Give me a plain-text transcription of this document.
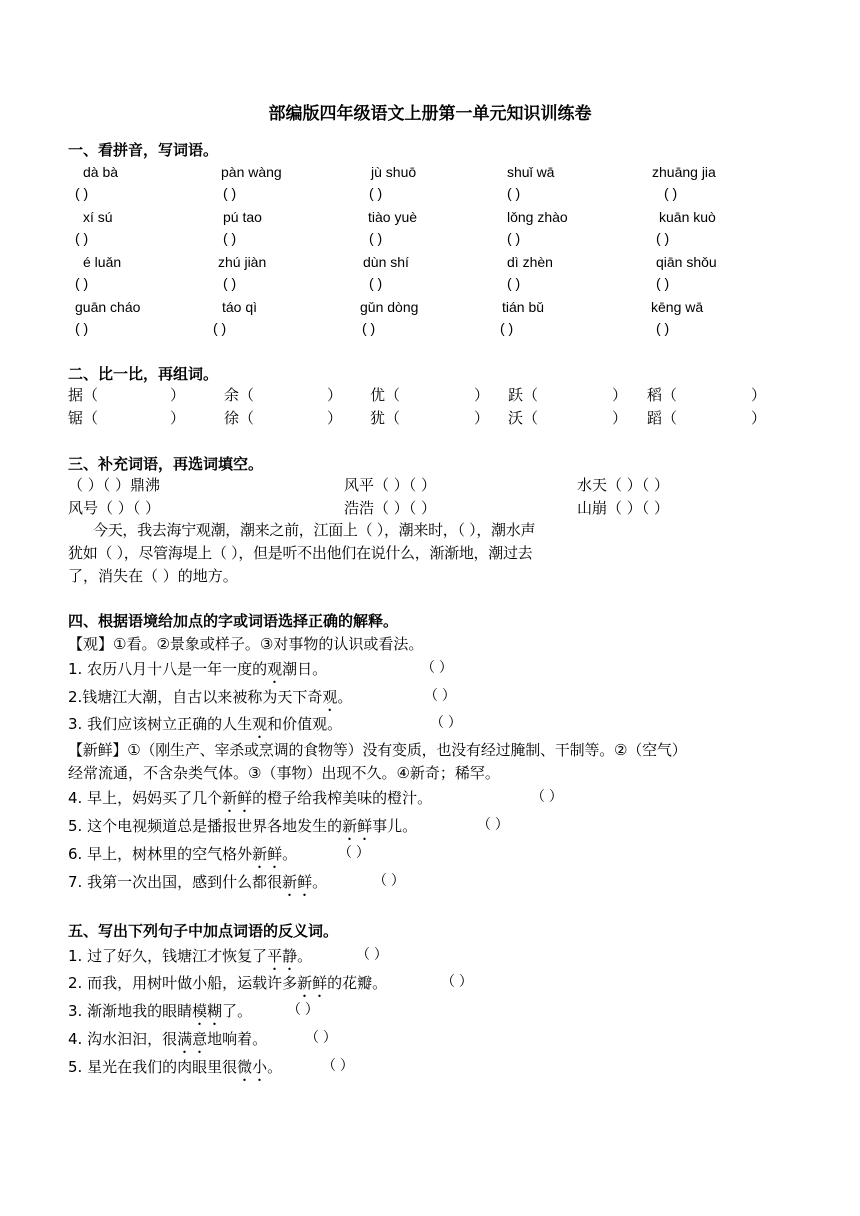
部编版四年级语文上册第一单元知识训练卷
一、看拼音，写词语。
dà bà	pàn wàng	jù shuō	shuǐ wā	zhuāng jia
( )	( )	( )	( )	( )
xí sú	pú tao	tiào yuè	lǒng zhào	kuān kuò
( )	( )	( )	( )	( )
é luǎn	zhú jiàn	dùn shí	dì zhèn	qiān shǒu
( )	( )	( )	( )	( )
guān cháo	táo qì	gǔn dòng	tián bǔ	kēng wā
( )	( )	( )	( )	( )
二、比一比，再组词。
据（	）	余（	） 优（	） 跃（	） 稻（	）
锯（	）	徐（	） 犹（	） 沃（	） 蹈（	）
三、补充词语，再选词填空。
（ ）（ ）鼎沸	风平（ ）（ ）	水天（ ）（ ）
风号（ ）（ ）	浩浩（ ）（ ）	山崩（ ）（ ）
今天，我去海宁观潮，潮来之前，江面上（ ），潮来时，（ ），潮水声
犹如（ ），尽管海堤上（ ），但是听不出他们在说什么，渐渐地，潮过去
了，消失在（ ）的地方。
四、根据语境给加点的字或词语选择正确的解释。
【观】①看。②景象或样子。③对事物的认识或看法。
1. 农历八月十八是一年一度的观潮日。	（ ）
2.钱塘江大潮，自古以来被称为天下奇观。	（ ）
3. 我们应该树立正确的人生观和价值观。	（ ）
【新鲜】①（刚生产、宰杀或烹调的食物等）没有变质，也没有经过腌制、干制等。②（空气）
经常流通，不含杂类气体。③（事物）出现不久。④新奇；稀罕。
4. 早上，妈妈买了几个新鲜的橙子给我榨美味的橙汁。	（ ）
5. 这个电视频道总是播报世界各地发生的新鲜事儿。	（ ）
6. 早上，树林里的空气格外新鲜。	（ ）
7. 我第一次出国，感到什么都很新鲜。	（ ）
五、写出下列句子中加点词语的反义词。
1. 过了好久，钱塘江才恢复了平静。	（ ）
2. 而我，用树叶做小船，运载许多新鲜的花瓣。	（ ）
3. 渐渐地我的眼睛模糊了。 （ ）
4. 沟水汩汩，很满意地响着。	（ ）
5. 星光在我们的肉眼里很微小。	（ ）
